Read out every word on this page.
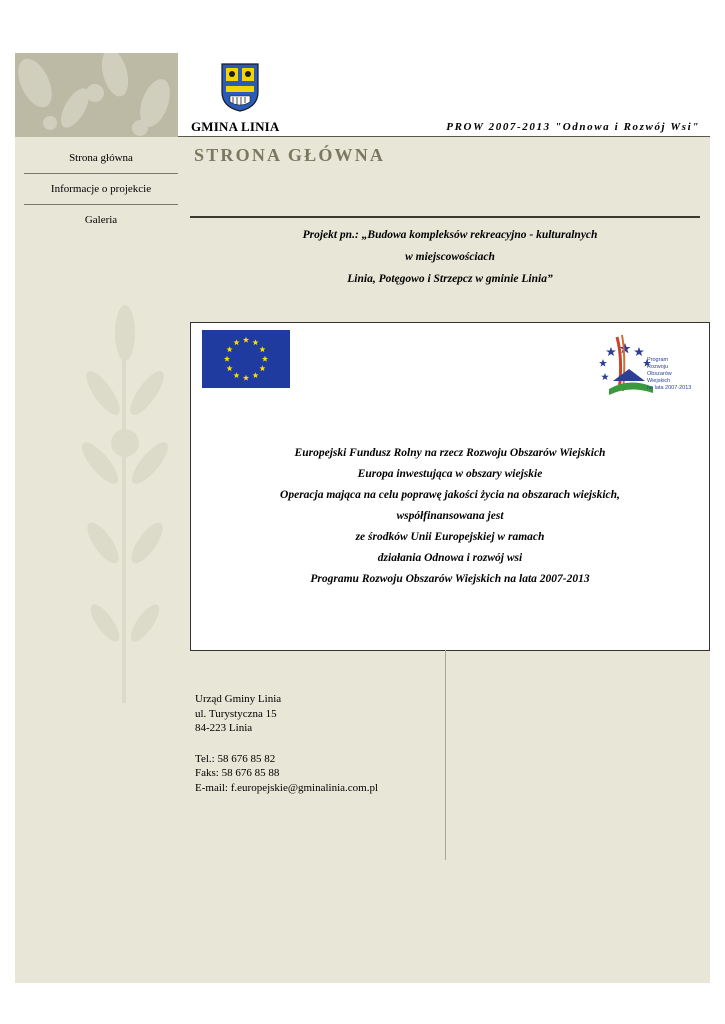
Strona główna
Informacje o projekcie
Galeria
GMINA LINIA	PROW 2007-2013 "Odnowa i Rozwój Wsi"
STRONA GŁÓWNA
Projekt pn.: „Budowa kompleksów rekreacyjno - kulturalnych
w miejscowościach
Linia, Potęgowo i Strzepcz w gminie Linia”
Program
Rozwoju
Obszarów
Wiejskich
na lata 2007-2013
Europejski Fundusz Rolny na rzecz Rozwoju Obszarów Wiejskich
Europa inwestująca w obszary wiejskie
Operacja mająca na celu poprawę jakości życia na obszarach wiejskich,
współfinansowana jest
ze środków Unii Europejskiej w ramach
działania Odnowa i rozwój wsi
Programu Rozwoju Obszarów Wiejskich na lata 2007-2013
Urząd Gminy Linia
ul. Turystyczna 15
84-223 Linia
Tel.: 58 676 85 82
Faks: 58 676 85 88
E-mail: f.europejskie@gminalinia.com.pl
